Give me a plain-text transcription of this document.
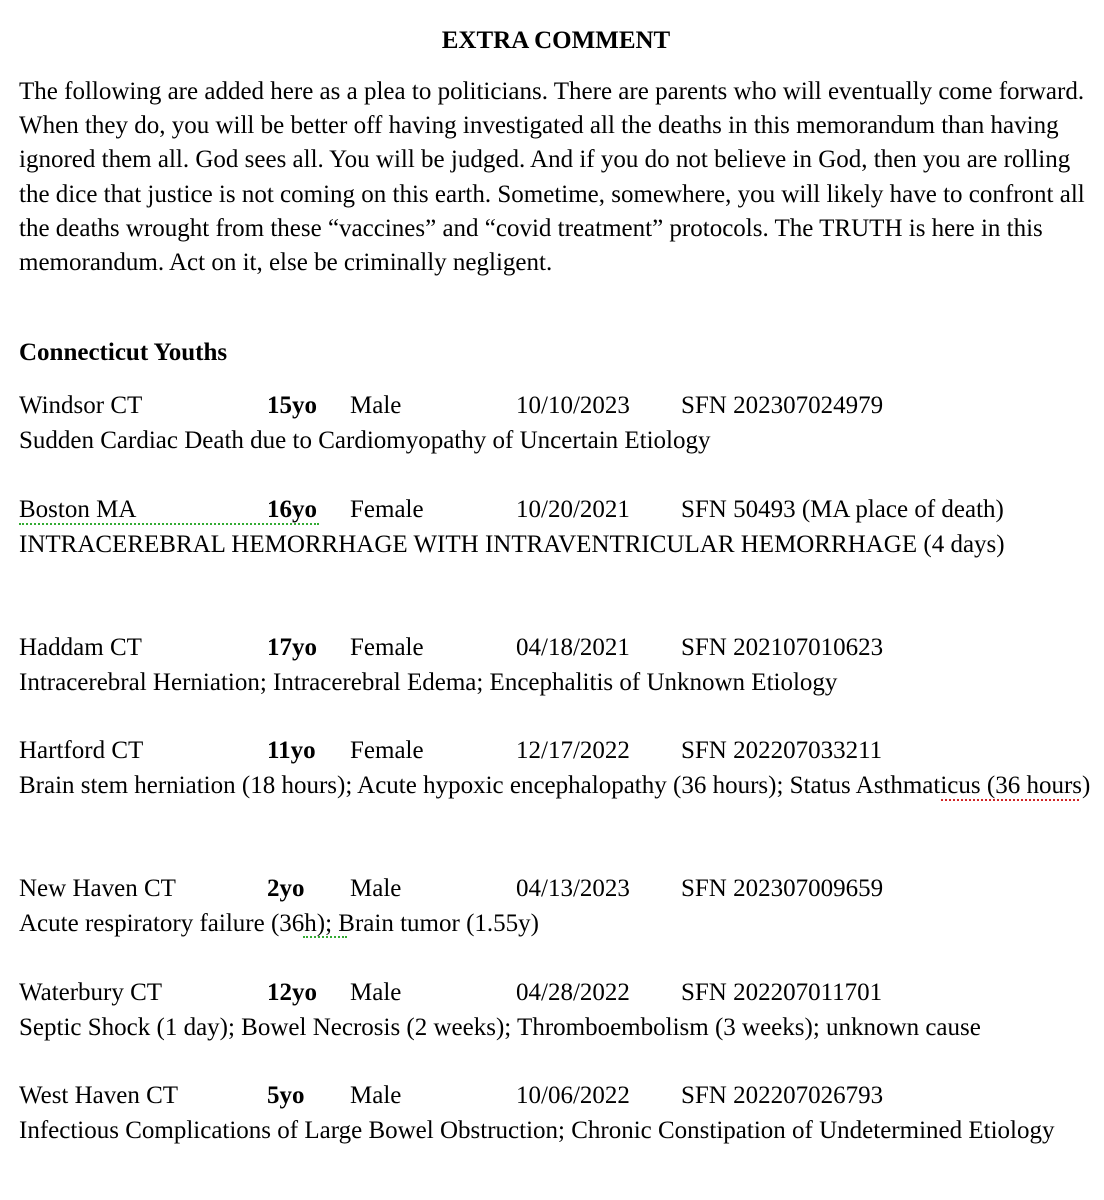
EXTRA COMMENT

The following are added here as a plea to politicians. There are parents who will eventually come forward. When they do, you will be better off having investigated all the deaths in this memorandum than having ignored them all. God sees all. You will be judged. And if you do not believe in God, then you are rolling the dice that justice is not coming on this earth. Sometime, somewhere, you will likely have to confront all the deaths wrought from these “vaccines” and “covid treatment” protocols. The TRUTH is here in this memorandum. Act on it, else be criminally negligent.

Connecticut Youths
Windsor CT	15yo Male	10/10/2023 SFN 202307024979

Sudden Cardiac Death due to Cardiomyopathy of Uncertain Etiology

Boston MA	16yo Female	10/20/2021 SFN 50493 (MA place of death)

INTRACEREBRAL HEMORRHAGE WITH INTRAVENTRICULAR HEMORRHAGE (4 days)

Haddam CT	17yo Female	04/18/2021 SFN 202107010623

Intracerebral Herniation; Intracerebral Edema; Encephalitis of Unknown Etiology

Hartford CT	11yo Female	12/17/2022 SFN 202207033211

Brain stem herniation (18 hours); Acute hypoxic encephalopathy (36 hours); Status Asthmaticus (36 hours)

New Haven CT	2yo Male	04/13/2023 SFN 202307009659

Acute respiratory failure (36h); Brain tumor (1.55y)

Waterbury CT	12yo Male	04/28/2022 SFN 202207011701

Septic Shock (1 day); Bowel Necrosis (2 weeks); Thromboembolism (3 weeks); unknown cause

West Haven CT	5yo Male	10/06/2022 SFN 202207026793

Infectious Complications of Large Bowel Obstruction; Chronic Constipation of Undetermined Etiology
